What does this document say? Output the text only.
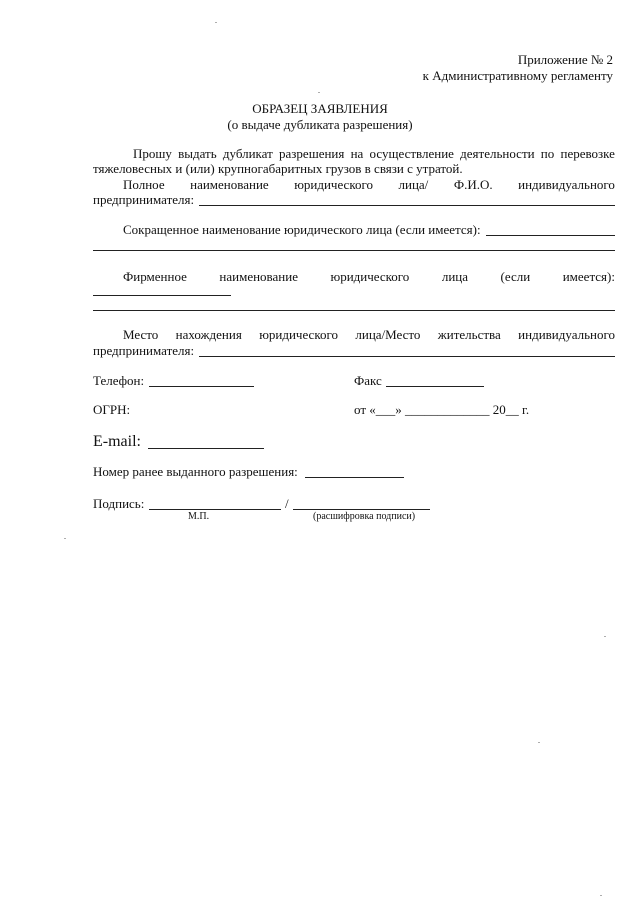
Приложение № 2
к Административному регламенту
ОБРАЗЕЦ ЗАЯВЛЕНИЯ
(о выдаче дубликата разрешения)
Прошу выдать дубликат разрешения на осуществление деятельности по перевозке
тяжеловесных и (или) крупногабаритных грузов в связи с утратой.
Полное наименование юридического лица/ Ф.И.О. индивидуального
предпринимателя:
Сокращенное наименование юридического лица (если имеется):
Фирменное	наименование	юридического	лица	(если	имеется):
Место нахождения юридического лица/Место жительства индивидуального
предпринимателя:
Телефон:	Факс
ОГРН:	от «___» _____________ 20__ г.
E-mail:
Номер ранее выданного разрешения:
Подпись:	/
М.П.	(расшифровка подписи)
